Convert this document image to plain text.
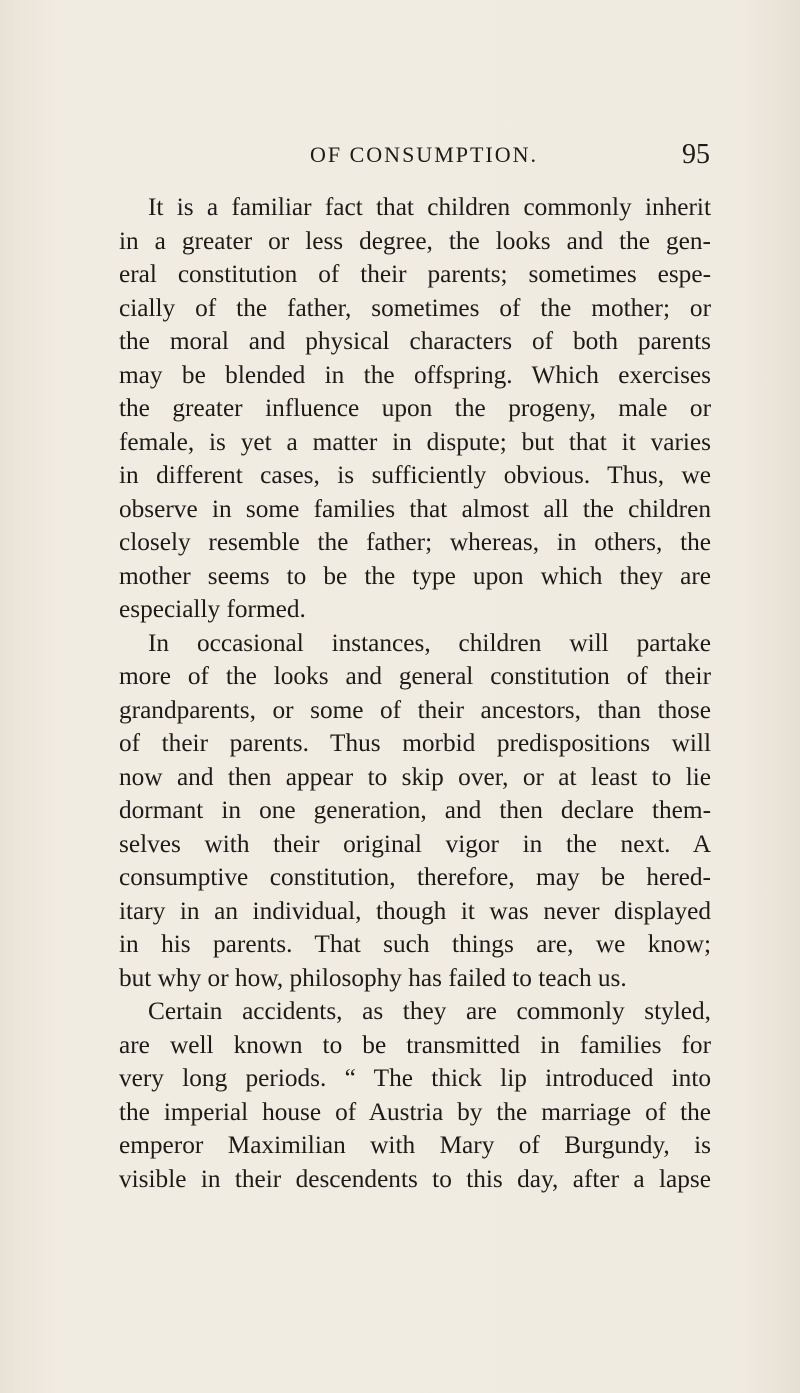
OF CONSUMPTION.	95
It is a familiar fact that children commonly inherit
in a greater or less degree, the looks and the gen-
eral constitution of their parents; sometimes espe-
cially of the father, sometimes of the mother; or
the moral and physical characters of both parents
may be blended in the offspring. Which exercises
the greater influence upon the progeny, male or
female, is yet a matter in dispute; but that it varies
in different cases, is sufficiently obvious. Thus, we
observe in some families that almost all the children
closely resemble the father; whereas, in others, the
mother seems to be the type upon which they are
especially formed.
In occasional instances, children will partake
more of the looks and general constitution of their
grandparents, or some of their ancestors, than those
of their parents. Thus morbid predispositions will
now and then appear to skip over, or at least to lie
dormant in one generation, and then declare them-
selves with their original vigor in the next. A
consumptive constitution, therefore, may be hered-
itary in an individual, though it was never displayed
in his parents. That such things are, we know;
but why or how, philosophy has failed to teach us.
Certain accidents, as they are commonly styled,
are well known to be transmitted in families for
very long periods. “ The thick lip introduced into
the imperial house of Austria by the marriage of the
emperor Maximilian with Mary of Burgundy, is
visible in their descendents to this day, after a lapse
